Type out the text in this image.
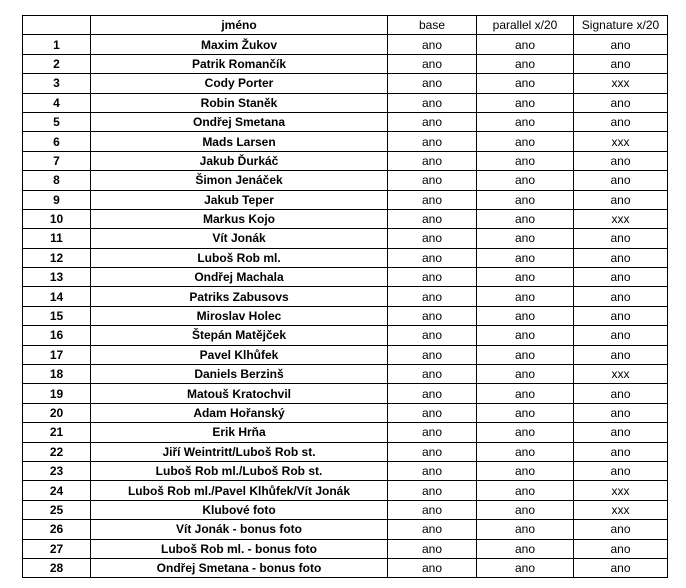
	jméno	base	parallel x/20	Signature x/20
1	Maxim Žukov	ano	ano	ano
2	Patrik Romančík	ano	ano	ano
3	Cody Porter	ano	ano	xxx
4	Robin Staněk	ano	ano	ano
5	Ondřej Smetana	ano	ano	ano
6	Mads Larsen	ano	ano	xxx
7	Jakub Ďurkáč	ano	ano	ano
8	Šimon Jenáček	ano	ano	ano
9	Jakub Teper	ano	ano	ano
10	Markus Kojo	ano	ano	xxx
11	Vít Jonák	ano	ano	ano
12	Luboš Rob ml.	ano	ano	ano
13	Ondřej Machala	ano	ano	ano
14	Patriks Zabusovs	ano	ano	ano
15	Miroslav Holec	ano	ano	ano
16	Štepán Matějček	ano	ano	ano
17	Pavel Klhůfek	ano	ano	ano
18	Daniels Berzinš	ano	ano	xxx
19	Matouš Kratochvil	ano	ano	ano
20	Adam Hořanský	ano	ano	ano
21	Erik Hrňa	ano	ano	ano
22	Jiří Weintritt/Luboš Rob st.	ano	ano	ano
23	Luboš Rob ml./Luboš Rob st.	ano	ano	ano
24	Luboš Rob ml./Pavel Klhůfek/Vít Jonák	ano	ano	xxx
25	Klubové foto	ano	ano	xxx
26	Vít Jonák - bonus foto	ano	ano	ano
27	Luboš Rob ml. - bonus foto	ano	ano	ano
28	Ondřej Smetana - bonus foto	ano	ano	ano
